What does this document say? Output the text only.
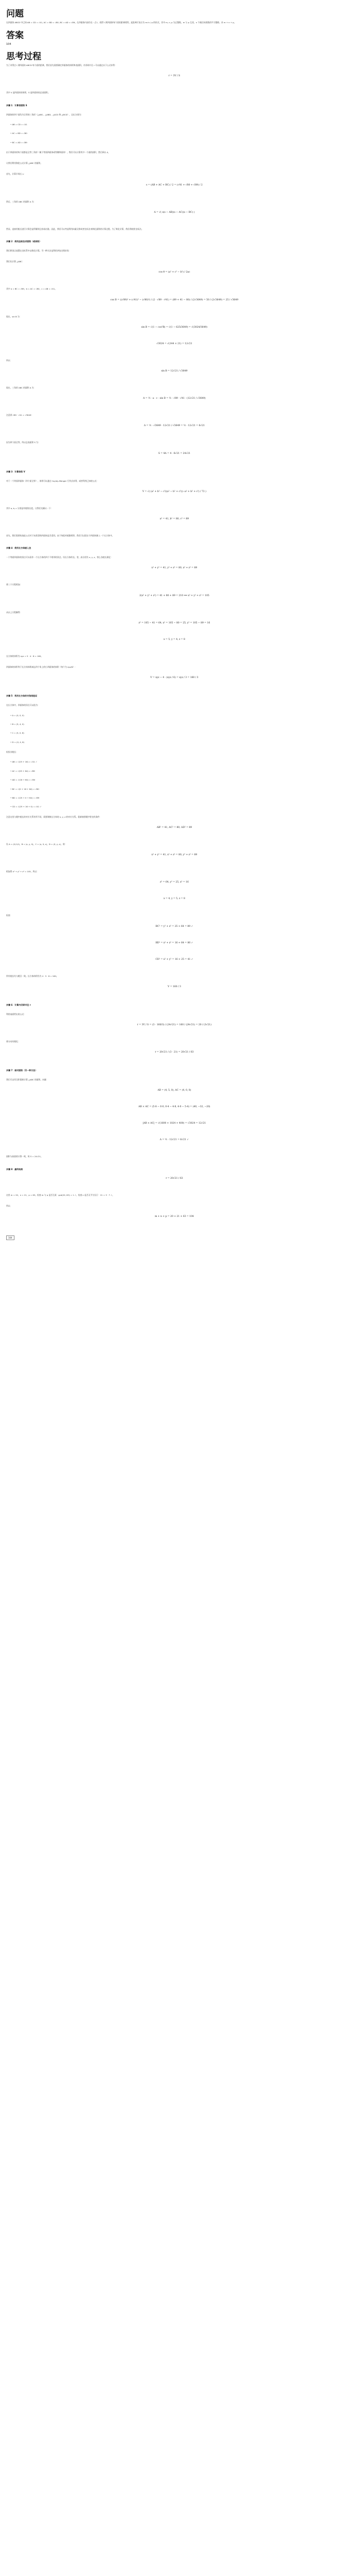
问题

在四面体 ABCD 中已知 AB = CD = √41, AC = BD = √80, BC = AD = √89。在四面体内部存在一点 I，使得 I 到四面体每个面的距离相等。此距离可表示为 m√n / p 的形式，其中 m, n, p 为正整数，m 与 p 互质，n 不被任何质数的平方整除。求 m + n + p。

答案

104

思考过程

为了求得点 I 到四面体 ABCD 每个面的距离，我们首先需要确定四面体的体积和表面积。内切球半径 r 可以通过以下公式求得：

r = 3V / S

其中 V 是四面体的体积，S 是四面体的总表面积。

步骤 1：计算表面积 S

四面体的四个面均为全等的三角形（△ABC、△ABD、△ACD 和 △BCD），边长分别为：

• AB = CD = √41

• AC = BD = √80

• BC = AD = √89

由于四面体的每个面都是全等三角形（属于等面四面体或等腰四面体），我们可以计算其中一个面的面积，然后乘以 4。

让我们利用海伦公式计算 △ABC 的面积。

首先，计算半周长 s：

s = (AB + AC + BC) / 2 = (√41 + √80 + √89) / 2

然后，三角形 ABC 的面积 A 为：

A = √( s(s − AB)(s − AC)(s − BC) )

然而，直接用根式进行计算会显得繁琐且容易出错。因此，我们可以考虑利用向量叉积或者坐标法来简化面积的计算过程。为了简化计算，我们将使用坐标法。

步骤 2：使用坐标法求面积（或体积）

我们将顶点放置在坐标系中以简化计算。另一种方法是利用余弦定理求角：

我们先计算 △ABC：

cos θ = (a² + c² − b²) / 2ac

其中 a = BC = √89，b = AC = √80，c = AB = √41。

cos B = ((√89)² + (√41)² − (√80)²) / (2 · √89 · √41) = (89 + 41 − 80) / (2√3649) = 50 / (2√3649) = 25 / √3649

现在，sin B 为：

sin B = √(1 − cos²B) = √(1 − 625/3649) = √(3024/3649)
√3024 = √(144 × 21) = 12√21

所以：

sin B = 12√21 / √3649

现在，三角形 ABC 的面积 A 为：

A = ½ · a · c · sin B = ½ · √89 · √41 · (12√21 / √3649)

注意到 √89 · √41 = √3649：

A = ½ · √3649 · 12√21 / √3649 = ½ · 12√21 = 6√21

因为四个面全等，所以总表面积 S 为：

S = 4A = 4 · 6√21 = 24√21
步骤 3：计算体积 V

对于一个等面四面体（四个面全等），体积可以通过 Cayley-Menger 行列式求得，或者利用已知的公式：

V = √( (a² + b² − c²)(a² − b² + c²)(−a² + b² + c²) / 72 )

其中 a, b, c 分别是对棱的长度。让我们先确认一下：

a² = 41, b² = 80, c² = 89

首先，我们需要检查此公式对于该类型的四面体是否适用。由于每组对棱都相等，我们可以把这个四面体嵌入一个长方体中。

步骤 4：使用长方体嵌入法

一个等面四面体的顶点可以看作一个长方体的四个不相邻的顶点。设长方体的长、宽、高分别为 x, y, z，那么各棱长满足：

x² + y² = 41, y² + z² = 80, x² + z² = 89

将三个方程相加：

2(x² + y² + z²) = 41 + 80 + 89 = 210 ⟹ x² + y² + z² = 105

从以上方程解得：

z² = 105 − 41 = 64, x² = 105 − 80 = 25, y² = 105 − 89 = 16
x = 5, y = 4, z = 8

长方体的体积为 xyz = 5 · 4 · 8 = 160。

四面体的体积等于长方体体积减去四个角上的小四面体的体积（每个为 xyz/6）：

V = xyz − 4 · (xyz / 6) = xyz / 3 = 160 / 3
步骤 5：利用长方体的对角线验证

在长方体中，四面体的顶点可以选为：

• A = (0, 0, 0)

• B = (5, 4, 0)

• C = (5, 0, 8)

• D = (0, 4, 8)

检验各棱长：

• AB = √(25 + 16) = √41 ✓

• AC = √(25 + 64) = √89

• AD = √(16 + 64) = √80

• BC = √(0 + 16 + 64) = √80

• BD = √(25 + 0 + 64) = √89

• CD = √(25 + 16 + 0) = √41 ✓

注意这里与题中棱长的对应关系有所不同，需要调换长方体的 x, y, z 的对应关系。重新按照题中给定的条件：

AB² = 41, AC² = 80, AD² = 89

设 A = (0,0,0)，B = (x, y, 0)，C = (x, 0, z)，D = (0, y, z)，则：

x² + y² = 41, x² + z² = 80, y² + z² = 89

相加得 x² + y² + z² = 105，所以：

z² = 64, y² = 25, x² = 16
x = 4, y = 5, z = 8

检查：

BC² = y² + z² = 25 + 64 = 89 ✓
BD² = x² + z² = 16 + 64 = 80 ✓
CD² = x² + y² = 16 + 25 = 41 ✓

所有棱长均与题目一致。长方体体积仍为 4 · 5 · 8 = 160。

V = 160 / 3
步骤 6：计算内切球半径 r

利用前面给出的公式：

r = 3V / S = (3 · 160/3) / (24√21) = 160 / (24√21) = 20 / (3√21)

将分母有理化：

r = 20√21 / (3 · 21) = 20√21 / 63
步骤 7：核对面积（另一种方法）

我们可以用叉积重新计算 △ABC 的面积。向量：

AB = (4, 5, 0), AC = (4, 0, 8)
AB × AC = (5·8 − 0·0, 0·4 − 4·8, 4·0 − 5·4) = (40, −32, −20)
|AB × AC| = √(1600 + 1024 + 400) = √3024 = 12√21
A = ½ · 12√21 = 6√21 ✓

面积与前面的计算一致，故 S = 24√21。

步骤 8：最终结果
r = 20√21 / 63

这里 m = 20，n = 21，p = 63。检查 m 与 p 是否互质：gcd(20, 63) = 1 ✓。检查 n 是否无平方因子：21 = 3 · 7 ✓。

所以：

m + n + p = 20 + 21 + 63 = 104
104
